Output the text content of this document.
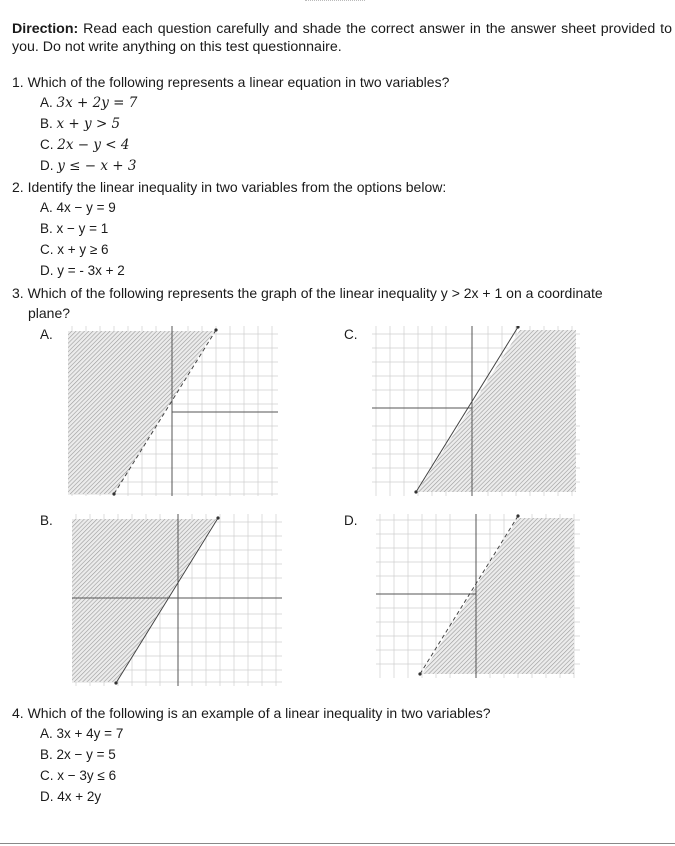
Direction: Read each question carefully and shade the correct answer in the answer sheet provided to you. Do not write anything on this test questionnaire.
1. Which of the following represents a linear equation in two variables?
A. 3x + 2y = 7
B. x + y > 5
C. 2x − y < 4
D. y ≤ − x + 3
2. Identify the linear inequality in two variables from the options below:
A. 4x − y = 9
B. x − y = 1
C. x + y ≥ 6
D. y = - 3x + 2
3. Which of the following represents the graph of the linear inequality y > 2x + 1 on a coordinate
plane?
A.	C.
B.	D.
4. Which of the following is an example of a linear inequality in two variables?
A. 3x + 4y = 7
B. 2x − y = 5
C. x − 3y ≤ 6
D. 4x + 2y
